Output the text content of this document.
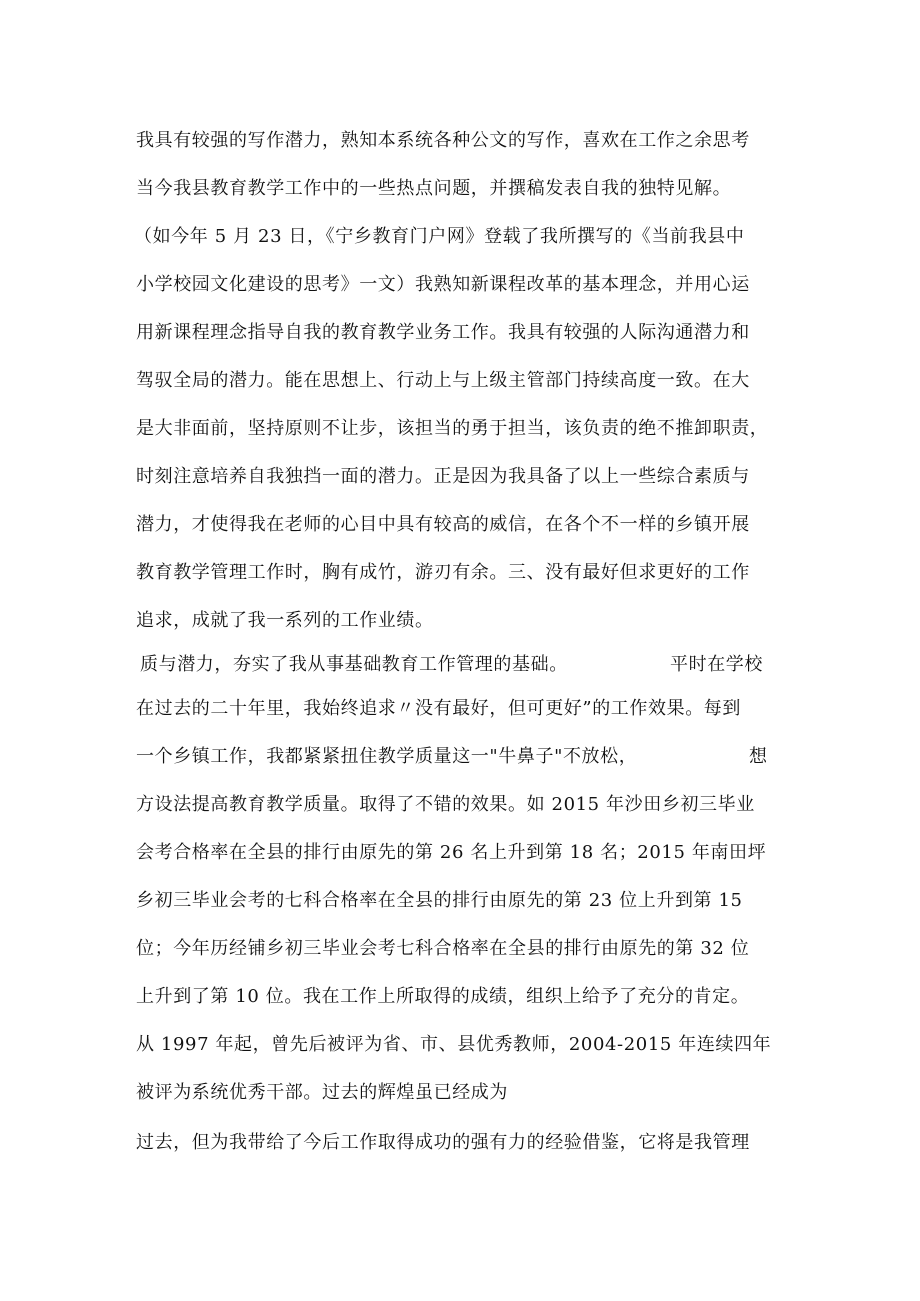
我具有较强的写作潜力，熟知本系统各种公文的写作，喜欢在工作之余思考
当今我县教育教学工作中的一些热点问题，并撰稿发表自我的独特见解。
（如今年 5 月 23 日，《宁乡教育门户网》登载了我所撰写的《当前我县中
小学校园文化建设的思考》一文）我熟知新课程改革的基本理念，并用心运
用新课程理念指导自我的教育教学业务工作。我具有较强的人际沟通潜力和
驾驭全局的潜力。能在思想上、行动上与上级主管部门持续高度一致。在大
是大非面前，坚持原则不让步，该担当的勇于担当，该负责的绝不推卸职责，
时刻注意培养自我独挡一面的潜力。正是因为我具备了以上一些综合素质与
潜力，才使得我在老师的心目中具有较高的威信，在各个不一样的乡镇开展
教育教学管理工作时，胸有成竹，游刃有余。三、没有最好但求更好的工作
追求，成就了我一系列的工作业绩。
质与潜力，夯实了我从事基础教育工作管理的基础。	平时在学校
在过去的二十年里，我始终追求〃没有最好，但可更好”的工作效果。每到
一个乡镇工作，我都紧紧扭住教学质量这一"牛鼻子"不放松，	想
方设法提高教育教学质量。取得了不错的效果。如 2015 年沙田乡初三毕业
会考合格率在全县的排行由原先的第 26 名上升到第 18 名；2015 年南田坪
乡初三毕业会考的七科合格率在全县的排行由原先的第 23 位上升到第 15
位；今年历经铺乡初三毕业会考七科合格率在全县的排行由原先的第 32 位
上升到了第 10 位。我在工作上所取得的成绩，组织上给予了充分的肯定。
从 1997 年起，曾先后被评为省、市、县优秀教师，2004-2015 年连续四年
被评为系统优秀干部。过去的辉煌虽已经成为
过去，但为我带给了今后工作取得成功的强有力的经验借鉴，它将是我管理
